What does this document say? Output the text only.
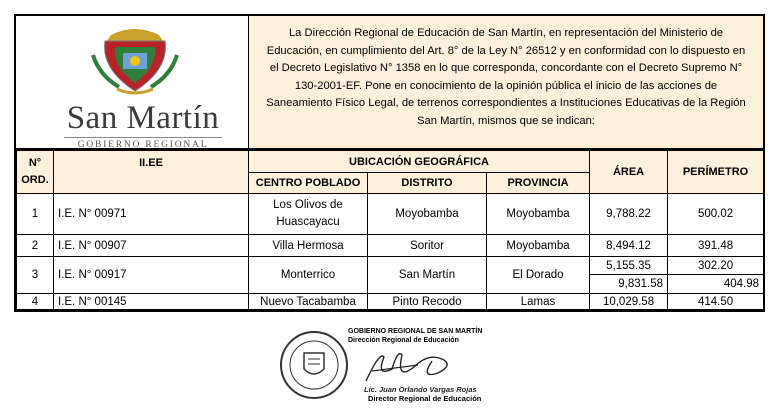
San Martín
GOBIERNO REGIONAL
La Dirección Regional de Educación de San Martín, en representación del Ministerio de Educación, en cumplimiento del Art. 8° de la Ley N° 26512 y en conformidad con lo dispuesto en el Decreto Legislativo N° 1358 en lo que corresponda, concordante con el Decreto Supremo N° 130-2001-EF. Pone en conocimiento de la opinión pública el inicio de las acciones de Saneamiento Físico Legal, de terrenos correspondientes a Instituciones Educativas de la Región San Martín, mismos que se indican:
N° ORD.	II.EE	UBICACIÓN GEOGRÁFICA			ÁREA	PERÍMETRO
		CENTRO POBLADO	DISTRITO	PROVINCIA		
1	I.E. N° 00971	Los Olivos de Huascayacu	Moyobamba	Moyobamba	9,788.22	500.02
2	I.E. N° 00907	Villa Hermosa	Soritor	Moyobamba	8,494.12	391.48
3	I.E. N° 00917	Monterrico	San Martín	El Dorado	5,155.35	302.20
					9,831.58	404.98
4	I.E. N° 00145	Nuevo Tacabamba	Pinto Recodo	Lamas	10,029.58	414.50
GOBIERNO REGIONAL DE SAN MARTÍN
Dirección Regional de Educación
Lic. Juan Orlando Vargas Rojas
Director Regional de Educación
